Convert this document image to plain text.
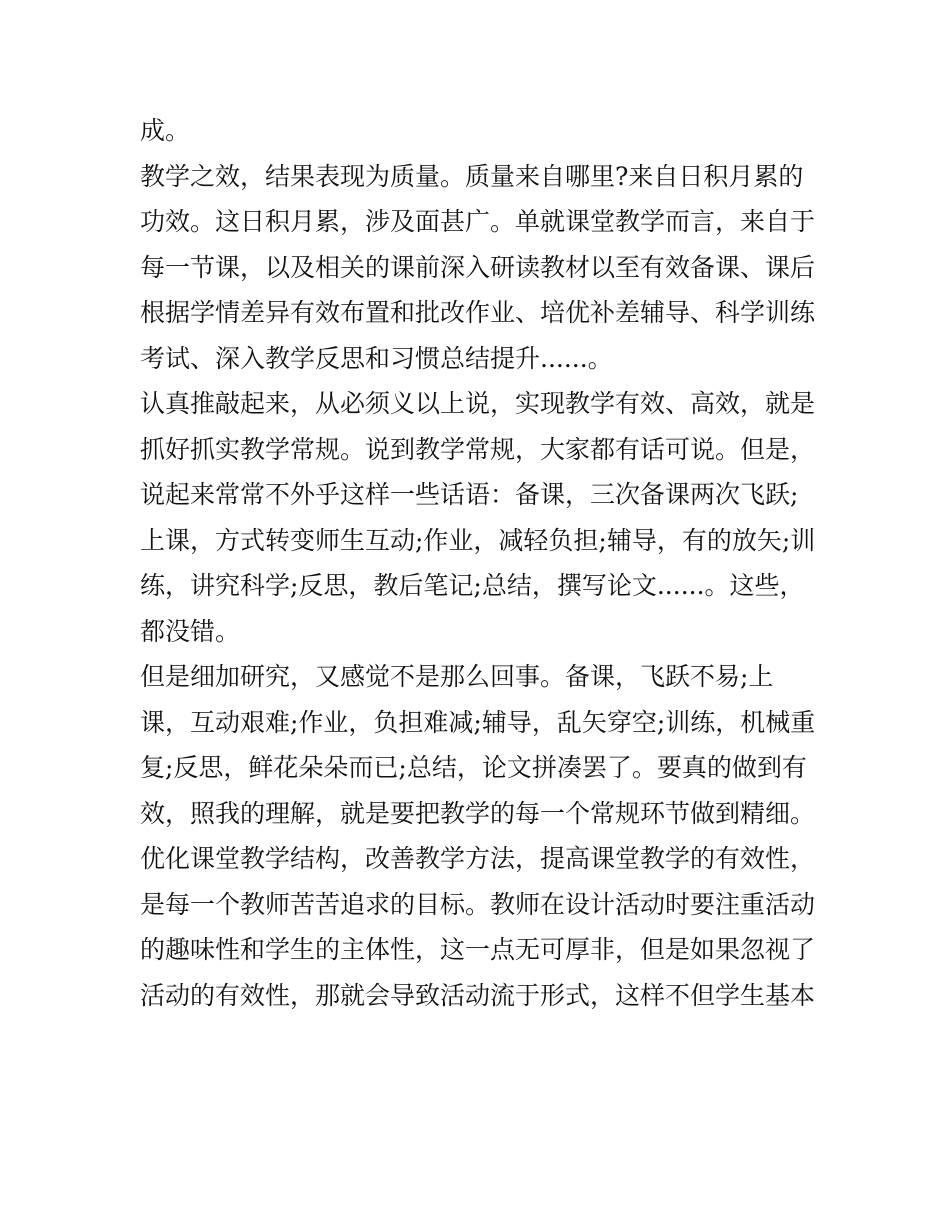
成。
教学之效，结果表现为质量。质量来自哪里?来自日积月累的
功效。这日积月累，涉及面甚广。单就课堂教学而言，来自于
每一节课，以及相关的课前深入研读教材以至有效备课、课后
根据学情差异有效布置和批改作业、培优补差辅导、科学训练
考试、深入教学反思和习惯总结提升......。
认真推敲起来，从必须义以上说，实现教学有效、高效，就是
抓好抓实教学常规。说到教学常规，大家都有话可说。但是，
说起来常常不外乎这样一些话语：备课，三次备课两次飞跃;
上课，方式转变师生互动;作业，减轻负担;辅导，有的放矢;训
练，讲究科学;反思，教后笔记;总结，撰写论文......。这些，
都没错。
但是细加研究，又感觉不是那么回事。备课，飞跃不易;上
课，互动艰难;作业，负担难减;辅导，乱矢穿空;训练，机械重
复;反思，鲜花朵朵而已;总结，论文拼凑罢了。要真的做到有
效，照我的理解，就是要把教学的每一个常规环节做到精细。
优化课堂教学结构，改善教学方法，提高课堂教学的有效性，
是每一个教师苦苦追求的目标。教师在设计活动时要注重活动
的趣味性和学生的主体性，这一点无可厚非，但是如果忽视了
活动的有效性，那就会导致活动流于形式，这样不但学生基本
